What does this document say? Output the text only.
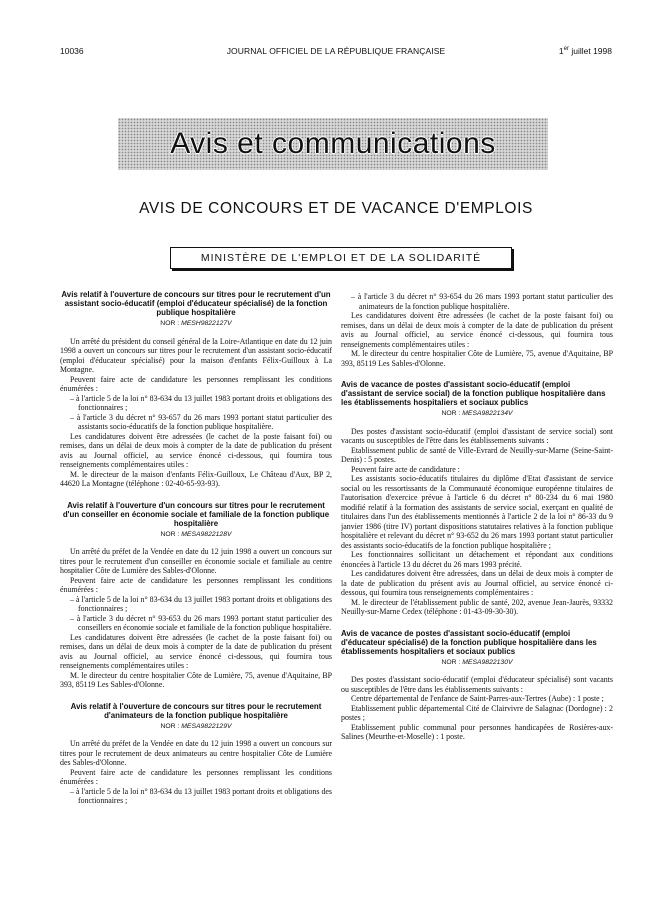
10036	JOURNAL OFFICIEL DE LA RÉPUBLIQUE FRANÇAISE	1er juillet 1998
Avis et communications
AVIS DE CONCOURS ET DE VACANCE D'EMPLOIS
MINISTÈRE DE L'EMPLOI ET DE LA SOLIDARITÉ
Avis relatif à l'ouverture de concours sur titres pour le recrutement d'un assistant socio-éducatif (emploi d'éducateur spécialisé) de la fonction publique hospitalière
NOR : MESH9822127V

Un arrêté du président du conseil général de la Loire-Atlantique en date du 12 juin 1998 a ouvert un concours sur titres pour le recrutement d'un assistant socio-éducatif (emploi d'éducateur spécialisé) pour la maison d'enfants Félix-Guilloux à La Montagne.

Peuvent faire acte de candidature les personnes remplissant les conditions énumérées :

– à l'article 5 de la loi n° 83-634 du 13 juillet 1983 portant droits et obligations des fonctionnaires ;

– à l'article 3 du décret n° 93-657 du 26 mars 1993 portant statut particulier des assistants socio-éducatifs de la fonction publique hospitalière.

Les candidatures doivent être adressées (le cachet de la poste faisant foi) ou remises, dans un délai de deux mois à compter de la date de publication du présent avis au Journal officiel, au service énoncé ci-dessous, qui fournira tous renseignements complémentaires utiles :

M. le directeur de la maison d'enfants Félix-Guilloux, Le Château d'Aux, BP 2, 44620 La Montagne (téléphone : 02-40-65-93-93).

Avis relatif à l'ouverture d'un concours sur titres pour le recrutement d'un conseiller en économie sociale et familiale de la fonction publique hospitalière
NOR : MESA9822128V

Un arrêté du préfet de la Vendée en date du 12 juin 1998 a ouvert un concours sur titres pour le recrutement d'un conseiller en économie sociale et familiale au centre hospitalier Côte de Lumière des Sables-d'Olonne.

Peuvent faire acte de candidature les personnes remplissant les conditions énumérées :

– à l'article 5 de la loi n° 83-634 du 13 juillet 1983 portant droits et obligations des fonctionnaires ;

– à l'article 3 du décret n° 93-653 du 26 mars 1993 portant statut particulier des conseillers en économie sociale et familiale de la fonction publique hospitalière.

Les candidatures doivent être adressées (le cachet de la poste faisant foi) ou remises, dans un délai de deux mois à compter de la date de publication du présent avis au Journal officiel, au service énoncé ci-dessous, qui fournira tous renseignements complémentaires utiles :

M. le directeur du centre hospitalier Côte de Lumière, 75, avenue d'Aquitaine, BP 393, 85119 Les Sables-d'Olonne.

Avis relatif à l'ouverture de concours sur titres pour le recrutement d'animateurs de la fonction publique hospitalière
NOR : MESA9822129V

Un arrêté du préfet de la Vendée en date du 12 juin 1998 a ouvert un concours sur titres pour le recrutement de deux animateurs au centre hospitalier Côte de Lumière des Sables-d'Olonne.

Peuvent faire acte de candidature les personnes remplissant les conditions énumérées :

– à l'article 5 de la loi n° 83-634 du 13 juillet 1983 portant droits et obligations des fonctionnaires ;

– à l'article 3 du décret n° 93-654 du 26 mars 1993 portant statut particulier des animateurs de la fonction publique hospitalière.

Les candidatures doivent être adressées (le cachet de la poste faisant foi) ou remises, dans un délai de deux mois à compter de la date de publication du présent avis au Journal officiel, au service énoncé ci-dessous, qui fournira tous renseignements complémentaires utiles :

M. le directeur du centre hospitalier Côte de Lumière, 75, avenue d'Aquitaine, BP 393, 85119 Les Sables-d'Olonne.

Avis de vacance de postes d'assistant socio-éducatif (emploi d'assistant de service social) de la fonction publique hospitalière dans les établissements hospitaliers et sociaux publics
NOR : MESA9822134V

Des postes d'assistant socio-éducatif (emploi d'assistant de service social) sont vacants ou susceptibles de l'être dans les établissements suivants :

Etablissement public de santé de Ville-Evrard de Neuilly-sur-Marne (Seine-Saint-Denis) : 5 postes.

Peuvent faire acte de candidature :

Les assistants socio-éducatifs titulaires du diplôme d'Etat d'assistant de service social ou les ressortissants de la Communauté économique européenne titulaires de l'autorisation d'exercice prévue à l'article 6 du décret n° 80-234 du 6 mai 1980 modifié relatif à la formation des assistants de service social, exerçant en qualité de titulaires dans l'un des établissements mentionnés à l'article 2 de la loi n° 86-33 du 9 janvier 1986 (titre IV) portant dispositions statutaires relatives à la fonction publique hospitalière et relevant du décret n° 93-652 du 26 mars 1993 portant statut particulier des assistants socio-éducatifs de la fonction publique hospitalière ;

Les fonctionnaires sollicitant un détachement et répondant aux conditions énoncées à l'article 13 du décret du 26 mars 1993 précité.

Les candidatures doivent être adressées, dans un délai de deux mois à compter de la date de publication du présent avis au Journal officiel, au service énoncé ci-dessous, qui fournira tous renseignements complémentaires :

M. le directeur de l'établissement public de santé, 202, avenue Jean-Jaurès, 93332 Neuilly-sur-Marne Cedex (téléphone : 01-43-09-30-30).

Avis de vacance de postes d'assistant socio-éducatif (emploi d'éducateur spécialisé) de la fonction publique hospitalière dans les établissements hospitaliers et sociaux publics
NOR : MESA9822130V

Des postes d'assistant socio-éducatif (emploi d'éducateur spécialisé) sont vacants ou susceptibles de l'être dans les établissements suivants :

Centre départemental de l'enfance de Saint-Parres-aux-Tertres (Aube) : 1 poste ;

Etablissement public départemental Cité de Clairvivre de Salagnac (Dordogne) : 2 postes ;

Etablissement public communal pour personnes handicapées de Rosières-aux-Salines (Meurthe-et-Moselle) : 1 poste.
